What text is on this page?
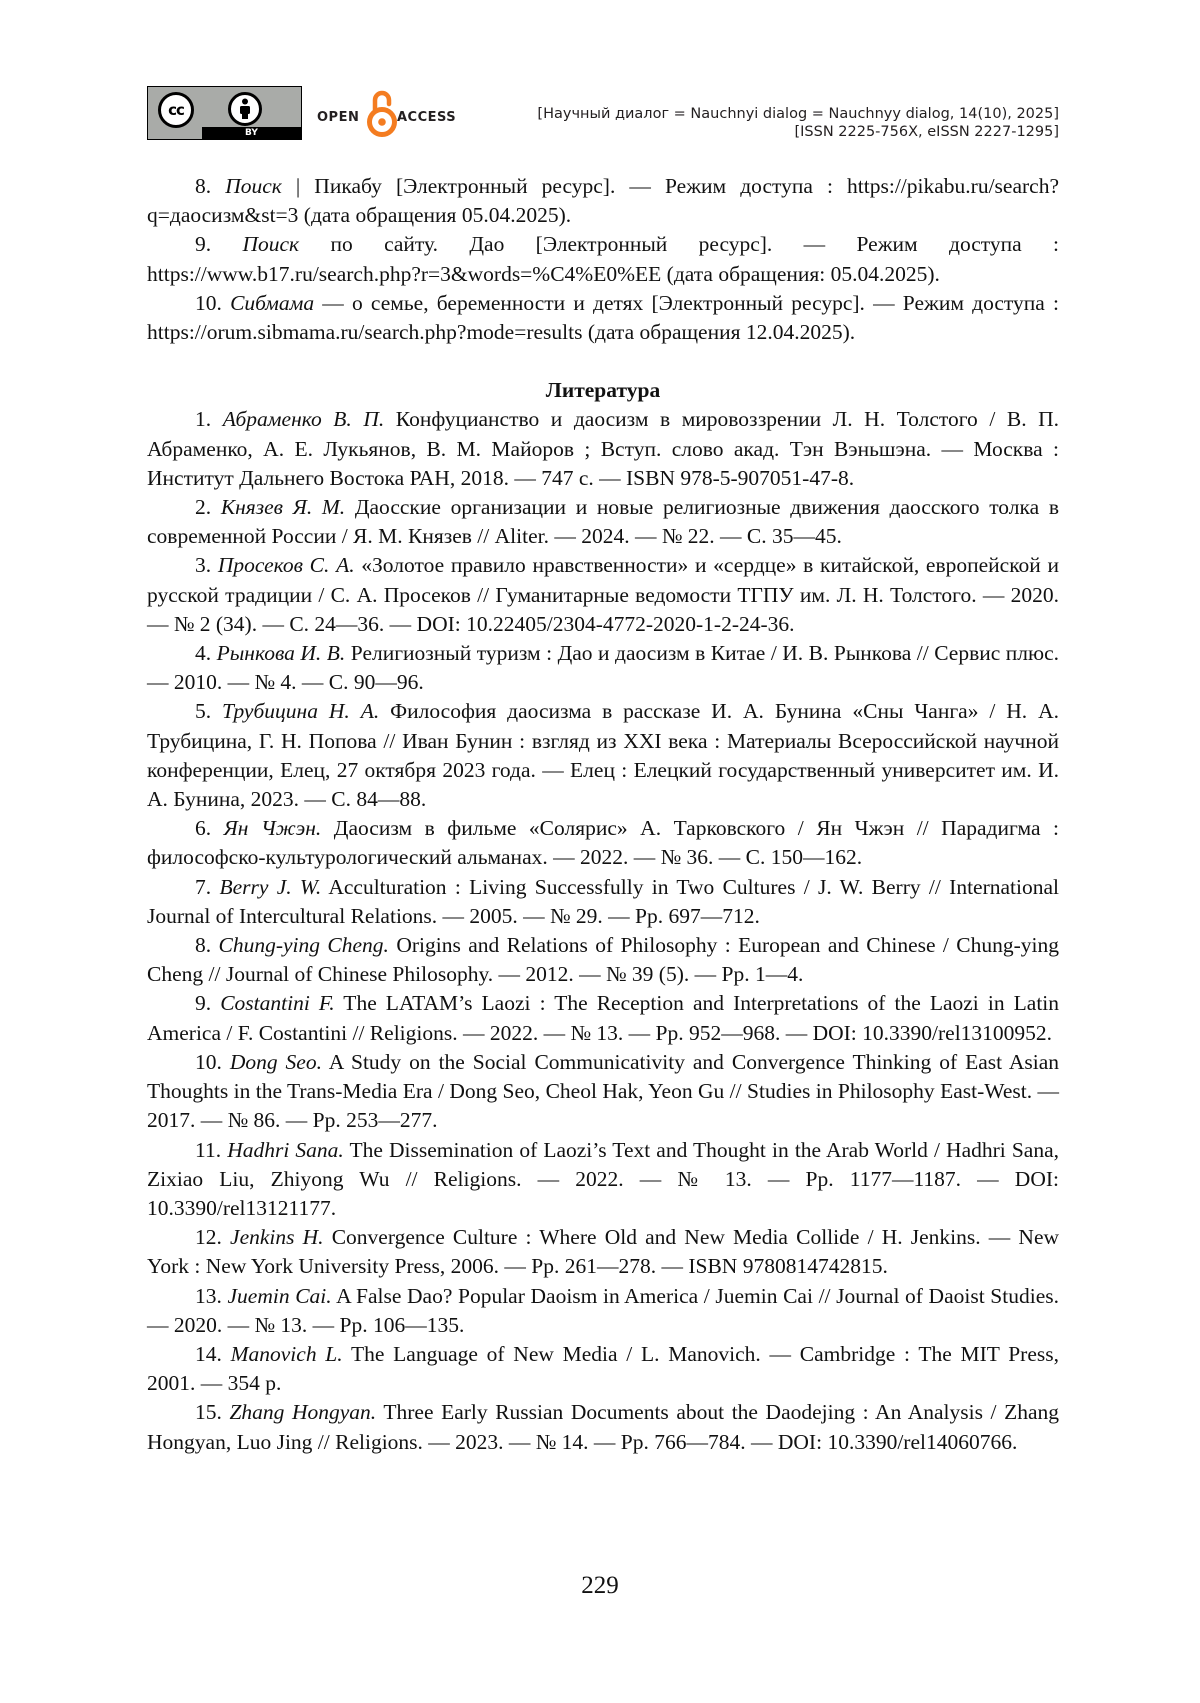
cc
BY
OPEN	ACCESS	[Научный диалог = Nauchnyi dialog = Nauchnyy dialog, 14(10), 2025]
[ISSN 2225-756X, eISSN 2227-1295]

8. Поиск | Пикабу [Электронный ресурс]. — Режим доступа : https://pikabu.ru/search?q=даосизм&st=3 (дата обращения 05.04.2025).

9. Поиск по сайту. Дао [Электронный ресурс]. — Режим доступа : https://www.b17.ru/search.php?r=3&words=%C4%E0%EE (дата обращения: 05.04.2025).

10. Сибмама — о семье, беременности и детях [Электронный ресурс]. — Режим доступа : https://orum.sibmama.ru/search.php?mode=results (дата обращения 12.04.2025).

Литература

1. Абраменко В. П. Конфуцианство и даосизм в мировоззрении Л. Н. Толстого / В. П. Абраменко, А. Е. Лукьянов, В. М. Майоров ; Вступ. слово акад. Тэн Вэньшэна. — Москва : Институт Дальнего Востока РАН, 2018. — 747 с. — ISBN 978-5-907051-47-8.

2. Князев Я. М. Даосские организации и новые религиозные движения даосского толка в современной России / Я. М. Князев // Aliter. — 2024. — № 22. — С. 35—45.

3. Просеков С. А. «Золотое правило нравственности» и «сердце» в китайской, европейской и русской традиции / С. А. Просеков // Гуманитарные ведомости ТГПУ им. Л. Н. Толстого. — 2020. — № 2 (34). — С. 24—36. — DOI: 10.22405/2304-4772-2020-1-2-24-36.

4. Рынкова И. В. Религиозный туризм : Дао и даосизм в Китае / И. В. Рынкова // Сервис плюс. — 2010. — № 4. — С. 90—96.

5. Трубицина Н. А. Философия даосизма в рассказе И. А. Бунина «Сны Чанга» / Н. А. Трубицина, Г. Н. Попова // Иван Бунин : взгляд из XXI века : Материалы Всероссийской научной конференции, Елец, 27 октября 2023 года. — Елец : Елецкий государственный университет им. И. А. Бунина, 2023. — С. 84—88.

6. Ян Чжэн. Даосизм в фильме «Солярис» А. Тарковского / Ян Чжэн // Парадигма : философско-культурологический альманах. — 2022. — № 36. — С. 150—162.

7. Berry J. W. Acculturation : Living Successfully in Two Cultures / J. W. Berry // International Journal of Intercultural Relations. — 2005. — № 29. — Pp. 697—712.

8. Chung-ying Cheng. Origins and Relations of Philosophy : European and Chinese / Chung-ying Cheng // Journal of Chinese Philosophy. — 2012. — № 39 (5). — Pp. 1—4.

9. Costantini F. The LATAM’s Laozi : The Reception and Interpretations of the Laozi in Latin America / F. Costantini // Religions. — 2022. — № 13. — Pp. 952—968. — DOI: 10.3390/rel13100952.

10. Dong Seo. A Study on the Social Communicativity and Convergence Thinking of East Asian Thoughts in the Trans-Media Era / Dong Seo, Cheol Hak, Yeon Gu // Studies in Philosophy East-West. — 2017. — № 86. — Pp. 253—277.

11. Hadhri Sana. The Dissemination of Laozi’s Text and Thought in the Arab World / Hadhri Sana, Zixiao Liu, Zhiyong Wu // Religions. — 2022. — № 13. — Pp. 1177—1187. — DOI: 10.3390/rel13121177.

12. Jenkins H. Convergence Culture : Where Old and New Media Collide / H. Jenkins. — New York : New York University Press, 2006. — Pp. 261—278. — ISBN 9780814742815.

13. Juemin Cai. A False Dao? Popular Daoism in America / Juemin Cai // Journal of Daoist Studies. — 2020. — № 13. — Pp. 106—135.

14. Manovich L. The Language of New Media / L. Manovich. — Cambridge : The MIT Press, 2001. — 354 p.

15. Zhang Hongyan. Three Early Russian Documents about the Daodejing : An Analysis / Zhang Hongyan, Luo Jing // Religions. — 2023. — № 14. — Pp. 766—784. — DOI: 10.3390/rel14060766.

229
